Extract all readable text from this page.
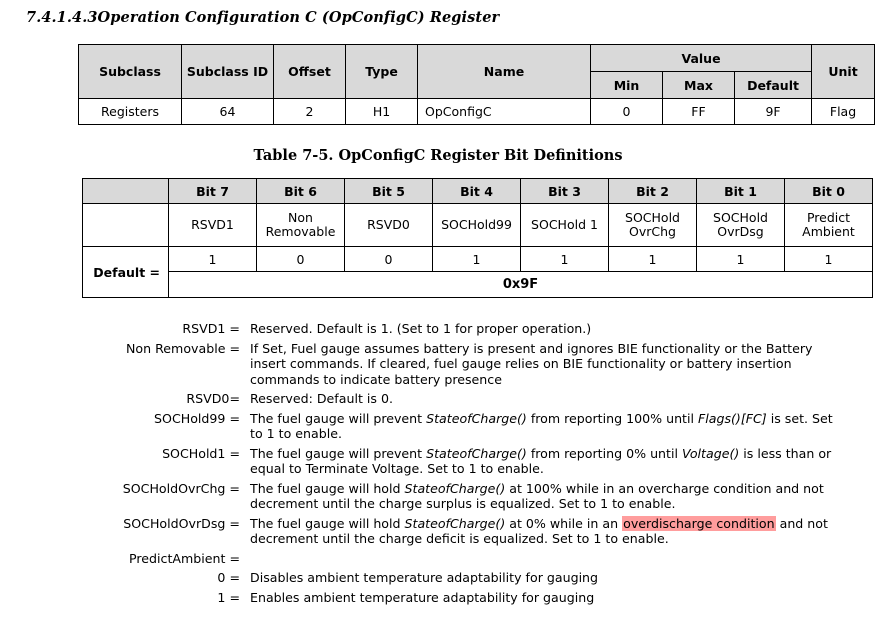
7.4.1.4.3Operation Configuration C (OpConfigC) Register
Subclass	Subclass ID	Offset	Type	Name	Value			Unit
					Min	Max	Default	
Registers	64	2	H1	OpConfigC	0	FF	9F	Flag
Table 7-5. OpConfigC Register Bit Definitions
	Bit 7	Bit 6	Bit 5	Bit 4	Bit 3	Bit 2	Bit 1	Bit 0
	RSVD1	Non Removable	RSVD0	SOCHold99	SOCHold 1	SOCHold OvrChg	SOCHold OvrDsg	Predict Ambient
Default =	1	0	0	1	1	1	1	1
	0x9F							
RSVD1 =	Reserved. Default is 1. (Set to 1 for proper operation.)
Non Removable =	If Set, Fuel gauge assumes battery is present and ignores BIE functionality or the Battery insert commands. If cleared, fuel gauge relies on BIE functionality or battery insertion commands to indicate battery presence
RSVD0=	Reserved: Default is 0.
SOCHold99 =	The fuel gauge will prevent StateofCharge() from reporting 100% until Flags()[FC] is set. Set to 1 to enable.
SOCHold1 =	The fuel gauge will prevent StateofCharge() from reporting 0% until Voltage() is less than or equal to Terminate Voltage. Set to 1 to enable.
SOCHoldOvrChg =	The fuel gauge will hold StateofCharge() at 100% while in an overcharge condition and not decrement until the charge surplus is equalized. Set to 1 to enable.
SOCHoldOvrDsg =	The fuel gauge will hold StateofCharge() at 0% while in an overdischarge condition and not decrement until the charge deficit is equalized. Set to 1 to enable.
PredictAmbient =	
0 =	Disables ambient temperature adaptability for gauging
1 =	Enables ambient temperature adaptability for gauging
